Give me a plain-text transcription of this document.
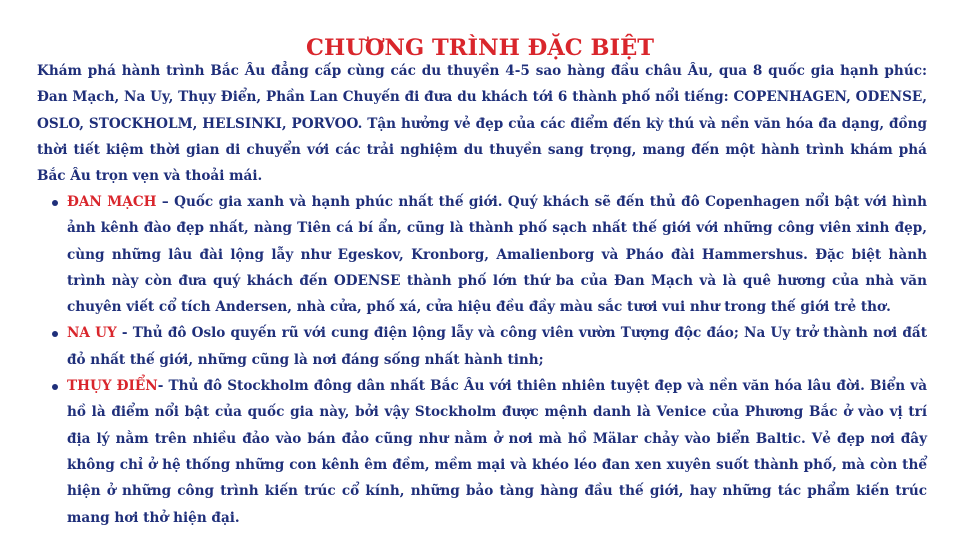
CHƯƠNG TRÌNH ĐẶC BIỆT

Khám phá hành trình Bắc Âu đẳng cấp cùng các du thuyền 4-5 sao hàng đầu châu Âu, qua 8 quốc gia hạnh phúc: Đan Mạch, Na Uy, Thụy Điển, Phần Lan Chuyến đi đưa du khách tới 6 thành phố nổi tiếng: COPENHAGEN, ODENSE, OSLO, STOCKHOLM, HELSINKI, PORVOO. Tận hưởng vẻ đẹp của các điểm đến kỳ thú và nền văn hóa đa dạng, đồng thời tiết kiệm thời gian di chuyển với các trải nghiệm du thuyền sang trọng, mang đến một hành trình khám phá Bắc Âu trọn vẹn và thoải mái.

ĐAN MẠCH – Quốc gia xanh và hạnh phúc nhất thế giới. Quý khách sẽ đến thủ đô Copenhagen nổi bật với hình ảnh kênh đào đẹp nhất, nàng Tiên cá bí ẩn, cũng là thành phố sạch nhất thế giới với những công viên xinh đẹp, cùng những lâu đài lộng lẫy như Egeskov, Kronborg, Amalienborg và Pháo đài Hammershus. Đặc biệt hành trình này còn đưa quý khách đến ODENSE thành phố lớn thứ ba của Đan Mạch và là quê hương của nhà văn chuyên viết cổ tích Andersen, nhà cửa, phố xá, cửa hiệu đều đầy màu sắc tươi vui như trong thế giới trẻ thơ.
NA UY - Thủ đô Oslo quyến rũ với cung điện lộng lẫy và công viên vườn Tượng độc đáo; Na Uy trở thành nơi đất đỏ nhất thế giới, những cũng là nơi đáng sống nhất hành tinh;
THỤY ĐIỂN- Thủ đô Stockholm đông dân nhất Bắc Âu với thiên nhiên tuyệt đẹp và nền văn hóa lâu đời. Biển và hồ là điểm nổi bật của quốc gia này, bởi vậy Stockholm được mệnh danh là Venice của Phương Bắc ở vào vị trí địa lý nằm trên nhiều đảo vào bán đảo cũng như nằm ở nơi mà hồ Mälar chảy vào biển Baltic. Vẻ đẹp nơi đây không chỉ ở hệ thống những con kênh êm đềm, mềm mại và khéo léo đan xen xuyên suốt thành phố, mà còn thể hiện ở những công trình kiến trúc cổ kính, những bảo tàng hàng đầu thế giới, hay những tác phẩm kiến trúc mang hơi thở hiện đại.
